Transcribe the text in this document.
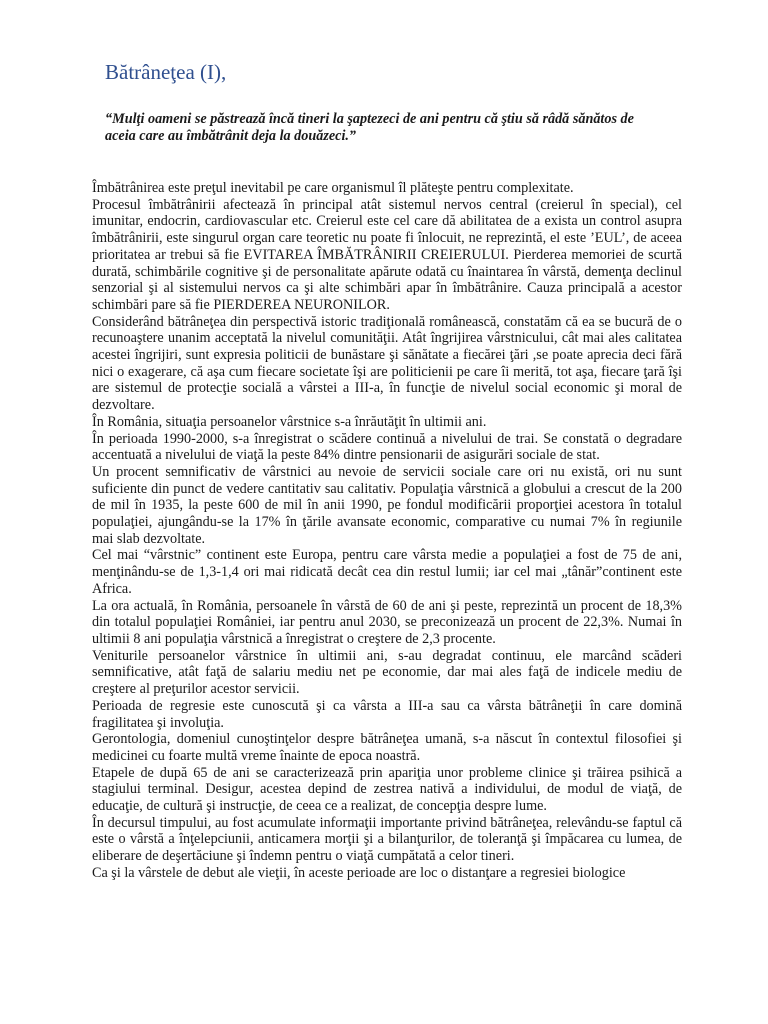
Bătrâneţea (I),

“Mulţi oameni se păstrează încă tineri la şaptezeci de ani pentru că ştiu să râdă sănătos de aceia care au îmbătrânit deja la douăzeci.”

Îmbătrânirea este preţul inevitabil pe care organismul îl plăteşte pentru complexitate.

Procesul îmbătrânirii afectează în principal atât sistemul nervos central (creierul în special), cel imunitar, endocrin, cardiovascular etc. Creierul este cel care dă abilitatea de a exista un control asupra îmbătrânirii, este singurul organ care teoretic nu poate fi înlocuit, ne reprezintă, el este ’EUL’, de aceea prioritatea ar trebui să fie EVITAREA ÎMBĂTRÂNIRII CREIERULUI. Pierderea memoriei de scurtă durată, schimbările cognitive şi de personalitate apărute odată cu înaintarea în vârstă, demenţa declinul senzorial şi al sistemului nervos ca şi alte schimbări apar în îmbătrânire. Cauza principală a acestor schimbări pare să fie PIERDEREA NEURONILOR.

Considerând bătrâneţea din perspectivă istoric tradiţională românească, constatăm că ea se bucură de o recunoaştere unanim acceptată la nivelul comunităţii. Atât îngrijirea vârstnicului, cât mai ales calitatea acestei îngrijiri, sunt expresia politicii de bunăstare şi sănătate a fiecărei ţări ,se poate aprecia deci fără nici o exagerare, că aşa cum fiecare societate îşi are politicienii pe care îi merită, tot aşa, fiecare ţară îşi are sistemul de protecţie socială a vârstei a III-a, în funcţie de nivelul social economic şi moral de dezvoltare.

În România, situaţia persoanelor vârstnice s-a înrăutăţit în ultimii ani.

În perioada 1990-2000, s-a înregistrat o scădere continuă a nivelului de trai. Se constată o degradare accentuată a nivelului de viaţă la peste 84% dintre pensionarii de asigurări sociale de stat.

Un procent semnificativ de vârstnici au nevoie de servicii sociale care ori nu există, ori nu sunt suficiente din punct de vedere cantitativ sau calitativ. Populaţia vârstnică a globului a crescut de la 200 de mil în 1935, la peste 600 de mil în anii 1990, pe fondul modificării proporţiei acestora în totalul populaţiei, ajungându-se la 17% în ţările avansate economic, comparative cu numai 7% în regiunile mai slab dezvoltate.

Cel mai “vârstnic” continent este Europa, pentru care vârsta medie a populaţiei a fost de 75 de ani, menţinându-se de 1,3-1,4 ori mai ridicată decât cea din restul lumii; iar cel mai „tânăr”continent este Africa.

La ora actuală, în România, persoanele în vârstă de 60 de ani şi peste, reprezintă un procent de 18,3% din totalul populaţiei României, iar pentru anul 2030, se preconizează un procent de 22,3%. Numai în ultimii 8 ani populaţia vârstnică a înregistrat o creştere de 2,3 procente.

Veniturile persoanelor vârstnice în ultimii ani, s-au degradat continuu, ele marcând scăderi semnificative, atât faţă de salariu mediu net pe economie, dar mai ales faţă de indicele mediu de creştere al preţurilor acestor servicii.

Perioada de regresie este cunoscută şi ca vârsta a III-a sau ca vârsta bătrâneţii în care domină fragilitatea şi involuţia.

Gerontologia, domeniul cunoştinţelor despre bătrâneţea umană, s-a născut în contextul filosofiei şi medicinei cu foarte multă vreme înainte de epoca noastră.

Etapele de după 65 de ani se caracterizează prin apariţia unor probleme clinice şi trăirea psihică a stagiului terminal. Desigur, acestea depind de zestrea nativă a individului, de modul de viaţă, de educaţie, de cultură şi instrucţie, de ceea ce a realizat, de concepţia despre lume.

În decursul timpului, au fost acumulate informaţii importante privind bătrâneţea, relevându-se faptul că este o vârstă a înţelepciunii, anticamera morţii şi a bilanţurilor, de toleranţă şi împăcarea cu lumea, de eliberare de deşertăciune şi îndemn pentru o viaţă cumpătată a celor tineri.

Ca şi la vârstele de debut ale vieţii, în aceste perioade are loc o distanţare a regresiei biologice
